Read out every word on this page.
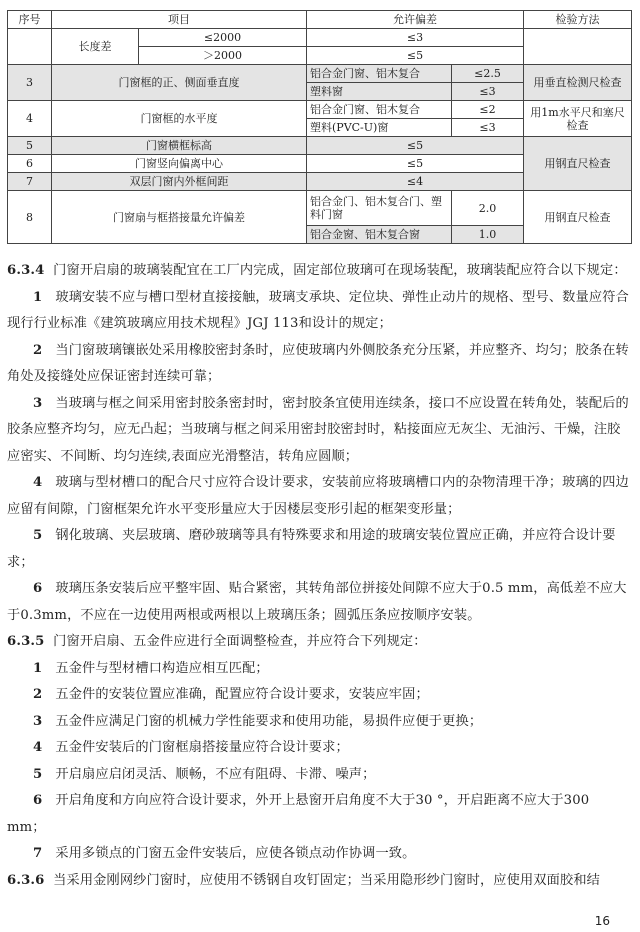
序号	项目		允许偏差		检验方法
	长度差	≤2000	≤3		
		＞2000	≤5		
3	门窗框的正、侧面垂直度		铝合金门窗、铝木复合	≤2.5	用垂直检测尺检查
			塑料窗	≤3	
4	门窗框的水平度		铝合金门窗、铝木复合	≤2	用1m水平尺和塞尺检查
			塑料(PVC-U)窗	≤3	
5	门窗横框标高		≤5		用钢直尺检查
6	门窗竖向偏离中心		≤5		
7	双层门窗内外框间距		≤4		
8	门窗扇与框搭接量允许偏差		铝合金门、铝木复合门、塑料门窗	2.0	用钢直尺检查
			铝合金窗、铝木复合窗	1.0	

6.3.4 门窗开启扇的玻璃装配宜在工厂内完成，固定部位玻璃可在现场装配，玻璃装配应符合以下规定：

1 玻璃安装不应与槽口型材直接接触，玻璃支承块、定位块、弹性止动片的规格、型号、数量应符合现行行业标准《建筑玻璃应用技术规程》JGJ 113和设计的规定；

2 当门窗玻璃镶嵌处采用橡胶密封条时，应使玻璃内外侧胶条充分压紧，并应整齐、均匀；胶条在转角处及接缝处应保证密封连续可靠；

3 当玻璃与框之间采用密封胶条密封时，密封胶条宜使用连续条，接口不应设置在转角处，装配后的胶条应整齐均匀，应无凸起；当玻璃与框之间采用密封胶密封时，粘接面应无灰尘、无油污、干燥，注胶应密实、不间断、均匀连续,表面应光滑整洁，转角应圆顺；

4 玻璃与型材槽口的配合尺寸应符合设计要求，安装前应将玻璃槽口内的杂物清理干净；玻璃的四边应留有间隙，门窗框架允许水平变形量应大于因楼层变形引起的框架变形量；

5 钢化玻璃、夹层玻璃、磨砂玻璃等具有特殊要求和用途的玻璃安装位置应正确，并应符合设计要求；

6 玻璃压条安装后应平整牢固、贴合紧密，其转角部位拼接处间隙不应大于0.5 mm，高低差不应大于0.3mm，不应在一边使用两根或两根以上玻璃压条；圆弧压条应按顺序安装。

6.3.5 门窗开启扇、五金件应进行全面调整检查，并应符合下列规定：

1 五金件与型材槽口构造应相互匹配；

2 五金件的安装位置应准确，配置应符合设计要求，安装应牢固；

3 五金件应满足门窗的机械力学性能要求和使用功能，易损件应便于更换；

4 五金件安装后的门窗框扇搭接量应符合设计要求；

5 开启扇应启闭灵活、顺畅，不应有阻碍、卡滞、噪声；

6 开启角度和方向应符合设计要求，外开上悬窗开启角度不大于30 °，开启距离不应大于300 mm；

7 采用多锁点的门窗五金件安装后，应使各锁点动作协调一致。

6.3.6 当采用金刚网纱门窗时，应使用不锈钢自攻钉固定；当采用隐形纱门窗时，应使用双面胶和结

16
